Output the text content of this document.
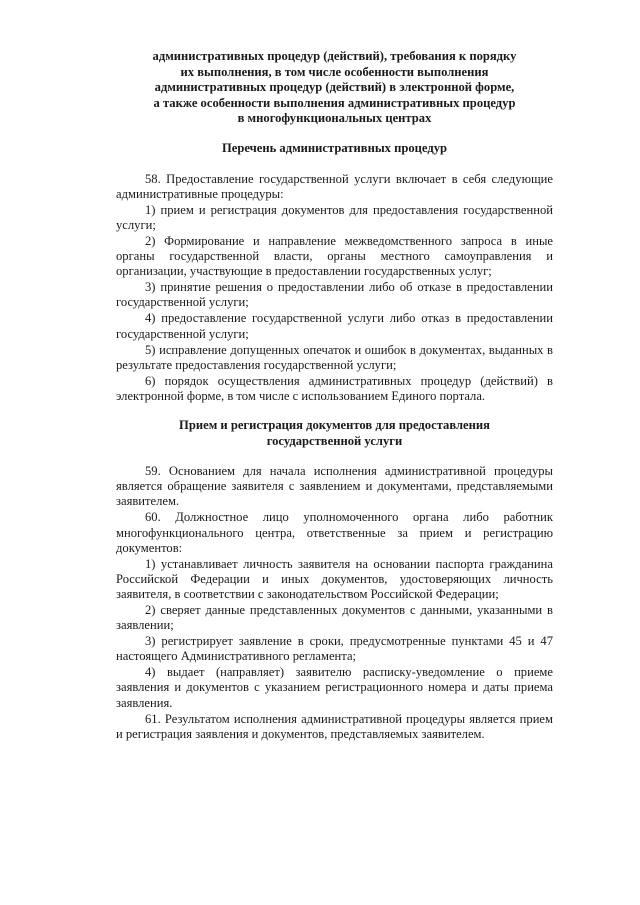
административных процедур (действий), требования к порядку
их выполнения, в том числе особенности выполнения
административных процедур (действий) в электронной форме,
а также особенности выполнения административных процедур
в многофункциональных центрах
Перечень административных процедур

58. Предоставление государственной услуги включает в себя следующие административные процедуры:

1) прием и регистрация документов для предоставления государственной услуги;

2) Формирование и направление межведомственного запроса в иные органы государственной власти, органы местного самоуправления и организации, участвующие в предоставлении государственных услуг;

3) принятие решения о предоставлении либо об отказе в предоставлении государственной услуги;

4) предоставление государственной услуги либо отказ в предоставлении государственной услуги;

5) исправление допущенных опечаток и ошибок в документах, выданных в результате предоставления государственной услуги;

6) порядок осуществления административных процедур (действий) в электронной форме, в том числе с использованием Единого портала.

Прием и регистрация документов для предоставления
государственной услуги

59. Основанием для начала исполнения административной процедуры является обращение заявителя с заявлением и документами, представляемыми заявителем.

60. Должностное лицо уполномоченного органа либо работник многофункционального центра, ответственные за прием и регистрацию документов:

1) устанавливает личность заявителя на основании паспорта гражданина Российской Федерации и иных документов, удостоверяющих личность заявителя, в соответствии с законодательством Российской Федерации;

2) сверяет данные представленных документов с данными, указанными в заявлении;

3) регистрирует заявление в сроки, предусмотренные пунктами 45 и 47 настоящего Административного регламента;

4) выдает (направляет) заявителю расписку-уведомление о приеме заявления и документов с указанием регистрационного номера и даты приема заявления.

61. Результатом исполнения административной процедуры является прием и регистрация заявления и документов, представляемых заявителем.
